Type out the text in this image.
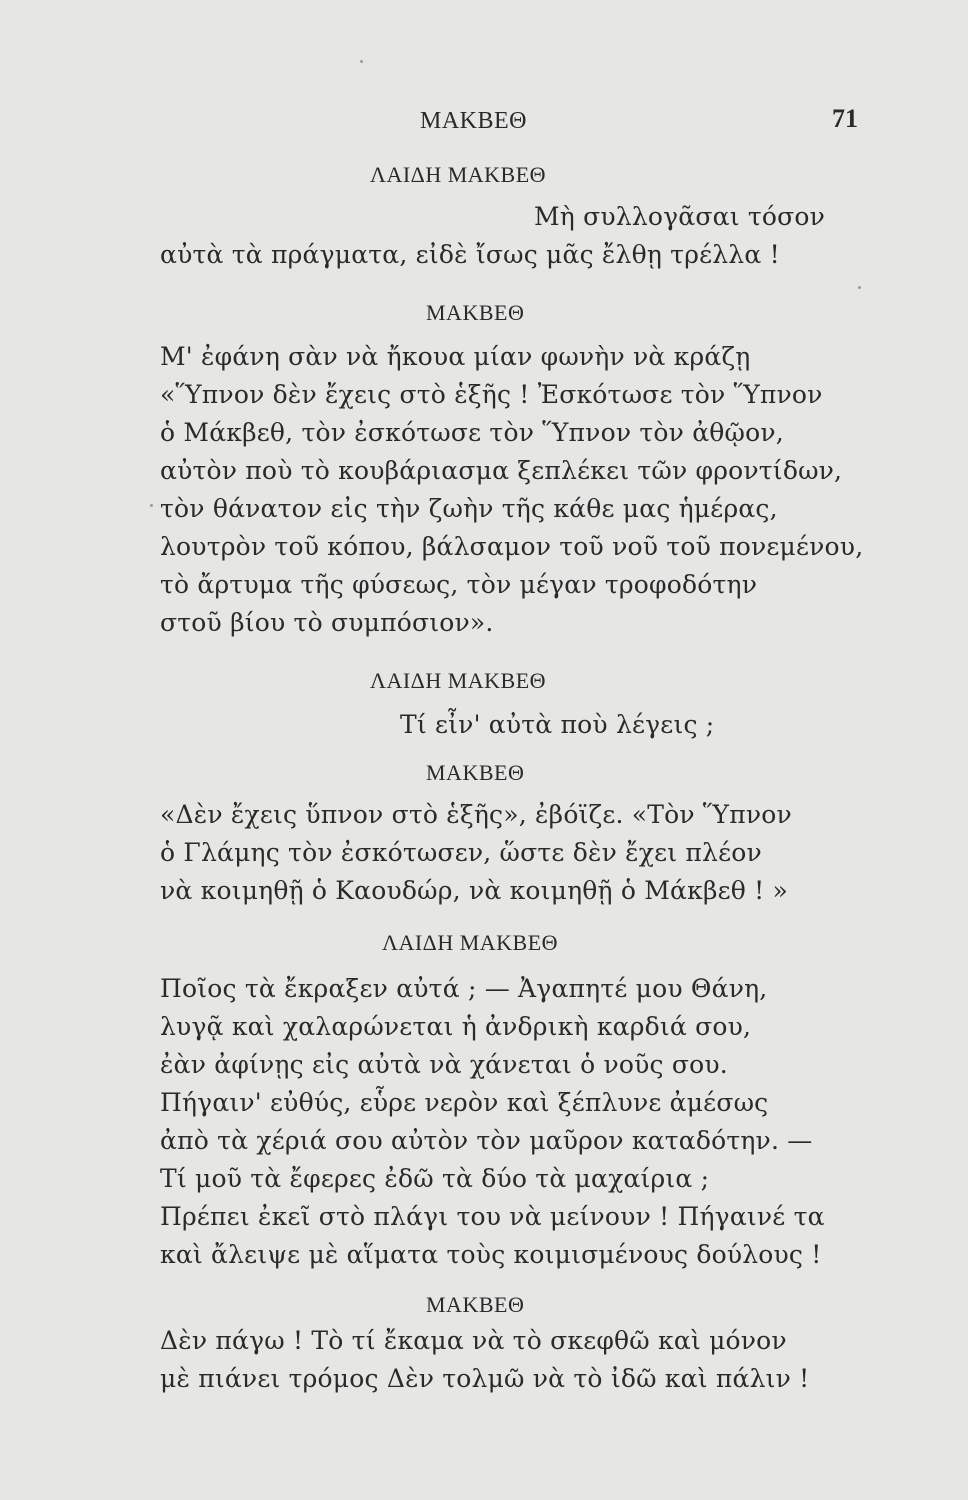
ΜΑΚΒΕΘ	71
ΛΑΙΔΗ ΜΑΚΒΕΘ
Μὴ συλλογᾶσαι τόσον
αὐτὰ τὰ πράγματα, εἰδὲ ἴσως μᾶς ἔλθῃ τρέλλα !
ΜΑΚΒΕΘ
Μ' ἐφάνη σὰν νὰ ἤκουα μίαν φωνὴν νὰ κράζῃ
«Ὕπνον δὲν ἔχεις στὸ ἑξῆς ! Ἐσκότωσε τὸν Ὕπνον
ὁ Μάκβεθ, τὸν ἐσκότωσε τὸν Ὕπνον τὸν ἀθῷον,
αὐτὸν ποὺ τὸ κουβάριασμα ξεπλέκει τῶν φροντίδων,
τὸν θάνατον εἰς τὴν ζωὴν τῆς κάθε μας ἡμέρας,
λουτρὸν τοῦ κόπου, βάλσαμον τοῦ νοῦ τοῦ πονεμένου,
τὸ ἄρτυμα τῆς φύσεως, τὸν μέγαν τροφοδότην
στοῦ βίου τὸ συμπόσιον».
ΛΑΙΔΗ ΜΑΚΒΕΘ
Τί εἶν' αὐτὰ ποὺ λέγεις ;
ΜΑΚΒΕΘ
«Δὲν ἔχεις ὕπνον στὸ ἑξῆς», ἐβόϊζε. «Τὸν Ὕπνον
ὁ Γλάμης τὸν ἐσκότωσεν, ὥστε δὲν ἔχει πλέον
νὰ κοιμηθῇ ὁ Καουδώρ, νὰ κοιμηθῇ ὁ Μάκβεθ ! »
ΛΑΙΔΗ ΜΑΚΒΕΘ
Ποῖος τὰ ἔκραξεν αὐτά ; — Ἀγαπητέ μου Θάνη,
λυγᾷ καὶ χαλαρώνεται ἡ ἀνδρικὴ καρδιά σου,
ἐὰν ἀφίνῃς εἰς αὐτὰ νὰ χάνεται ὁ νοῦς σου.
Πήγαιν' εὐθύς, εὗρε νερὸν καὶ ξέπλυνε ἀμέσως
ἀπὸ τὰ χέριά σου αὐτὸν τὸν μαῦρον καταδότην. —
Τί μοῦ τὰ ἔφερες ἐδῶ τὰ δύο τὰ μαχαίρια ;
Πρέπει ἐκεῖ στὸ πλάγι του νὰ μείνουν ! Πήγαινέ τα
καὶ ἄλειψε μὲ αἵματα τοὺς κοιμισμένους δούλους !
ΜΑΚΒΕΘ
Δὲν πάγω ! Τὸ τί ἔκαμα νὰ τὸ σκεφθῶ καὶ μόνον
μὲ πιάνει τρόμος Δὲν τολμῶ νὰ τὸ ἰδῶ καὶ πάλιν !
